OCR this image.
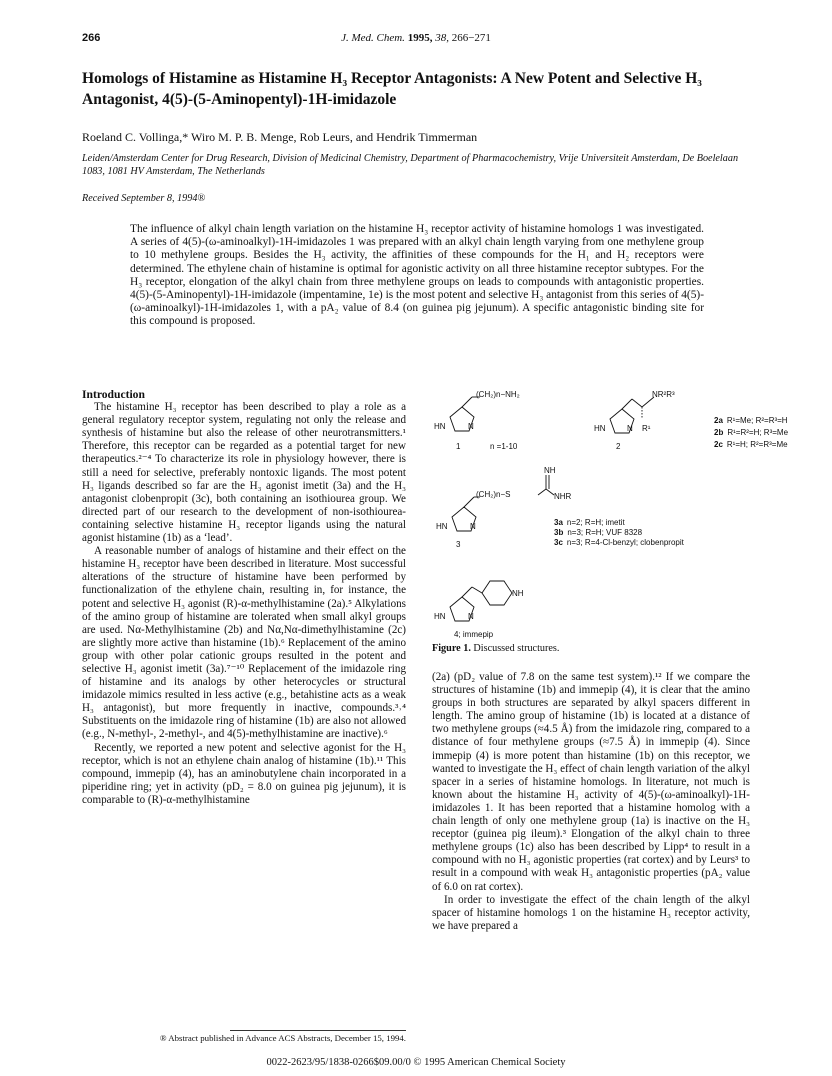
266	J. Med. Chem. 1995, 38, 266−271
Homologs of Histamine as Histamine H₃ Receptor Antagonists: A New Potent and Selective H₃ Antagonist, 4(5)-(5-Aminopentyl)-1H-imidazole
Roeland C. Vollinga,* Wiro M. P. B. Menge, Rob Leurs, and Hendrik Timmerman
Leiden/Amsterdam Center for Drug Research, Division of Medicinal Chemistry, Department of Pharmacochemistry, Vrije Universiteit Amsterdam, De Boelelaan 1083, 1081 HV Amsterdam, The Netherlands
Received September 8, 1994®
The influence of alkyl chain length variation on the histamine H₃ receptor activity of histamine homologs 1 was investigated. A series of 4(5)-(ω-aminoalkyl)-1H-imidazoles 1 was prepared with an alkyl chain length varying from one methylene group to 10 methylene groups. Besides the H₃ activity, the affinities of these compounds for the H₁ and H₂ receptors were determined. The ethylene chain of histamine is optimal for agonistic activity on all three histamine receptor subtypes. For the H₃ receptor, elongation of the alkyl chain from three methylene groups on leads to compounds with antagonistic properties. 4(5)-(5-Aminopentyl)-1H-imidazole (impentamine, 1e) is the most potent and selective H₃ antagonist from this series of 4(5)-(ω-aminoalkyl)-1H-imidazoles 1, with a pA₂ value of 8.4 (on guinea pig jejunum). A specific antagonistic binding site for this compound is proposed.

Introduction

The histamine H₃ receptor has been described to play a role as a general regulatory receptor system, regulating not only the release and synthesis of histamine but also the release of other neurotransmitters.¹ Therefore, this receptor can be regarded as a potential target for new therapeutics.²⁻⁴ To characterize its role in physiology however, there is still a need for selective, preferably nontoxic ligands. The most potent H₃ ligands described so far are the H₃ agonist imetit (3a) and the H₃ antagonist clobenpropit (3c), both containing an isothiourea group. We directed part of our research to the development of non-isothiourea-containing selective histamine H₃ receptor ligands using the natural agonist histamine (1b) as a ‘lead’.

A reasonable number of analogs of histamine and their effect on the histamine H₃ receptor have been described in literature. Most successful alterations of the structure of histamine have been performed by functionalization of the ethylene chain, resulting in, for instance, the potent and selective H₃ agonist (R)-α-methylhistamine (2a).⁵ Alkylations of the amino group of histamine are tolerated when small alkyl groups are used. Nα-Methylhistamine (2b) and Nα,Nα-dimethylhistamine (2c) are slightly more active than histamine (1b).⁶ Replacement of the amino group with other polar cationic groups resulted in the potent and selective H₃ agonist imetit (3a).⁷⁻¹⁰ Replacement of the imidazole ring of histamine and its analogs by other heterocycles or structural imidazole mimics resulted in less active (e.g., betahistine acts as a weak H₃ antagonist), but more frequently in inactive, compounds.³˒⁴ Substituents on the imidazole ring of histamine (1b) are also not allowed (e.g., N-methyl-, 2-methyl-, and 4(5)-methylhistamine are inactive).⁶

Recently, we reported a new potent and selective agonist for the H₃ receptor, which is not an ethylene chain analog of histamine (1b).¹¹ This compound, immepip (4), has an aminobutylene chain incorporated in a piperidine ring; yet in activity (pD₂ = 8.0 on guinea pig jejunum), it is comparable to (R)-α-methylhistamine

(CH₂)n−NH₂
HN	N
1	n =1-10
NR²R³
HN	N R¹
2
2a R¹=Me; R²=R³=H
2b R¹=R²=H; R³=Me
2c R¹=H; R²=R³=Me
NH
(CH₂)n−S	NHR
HN	N
3
3a n=2; R=H; imetit
3b n=3; R=H; VUF 8328
3c n=3; R=4-Cl-benzyl; clobenpropit
NH
HN	N
4; immepip
Figure 1. Discussed structures.

(2a) (pD₂ value of 7.8 on the same test system).¹² If we compare the structures of histamine (1b) and immepip (4), it is clear that the amino groups in both structures are separated by alkyl spacers different in length. The amino group of histamine (1b) is located at a distance of two methylene groups (≈4.5 Å) from the imidazole ring, compared to a distance of four methylene groups (≈7.5 Å) in immepip (4). Since immepip (4) is more potent than histamine (1b) on this receptor, we wanted to investigate the H₃ effect of chain length variation of the alkyl spacer in a series of histamine homologs. In literature, not much is known about the histamine H₃ activity of 4(5)-(ω-aminoalkyl)-1H-imidazoles 1. It has been reported that a histamine homolog with a chain length of only one methylene group (1a) is inactive on the H₃ receptor (guinea pig ileum).³ Elongation of the alkyl chain to three methylene groups (1c) also has been described by Lipp⁴ to result in a compound with no H₃ agonistic properties (rat cortex) and by Leurs³ to result in a compound with weak H₃ antagonistic properties (pA₂ value of 6.0 on rat cortex).

In order to investigate the effect of the chain length of the alkyl spacer of histamine homologs 1 on the histamine H₃ receptor activity, we have prepared a

® Abstract published in Advance ACS Abstracts, December 15, 1994.
0022-2623/95/1838-0266$09.00/0 © 1995 American Chemical Society
